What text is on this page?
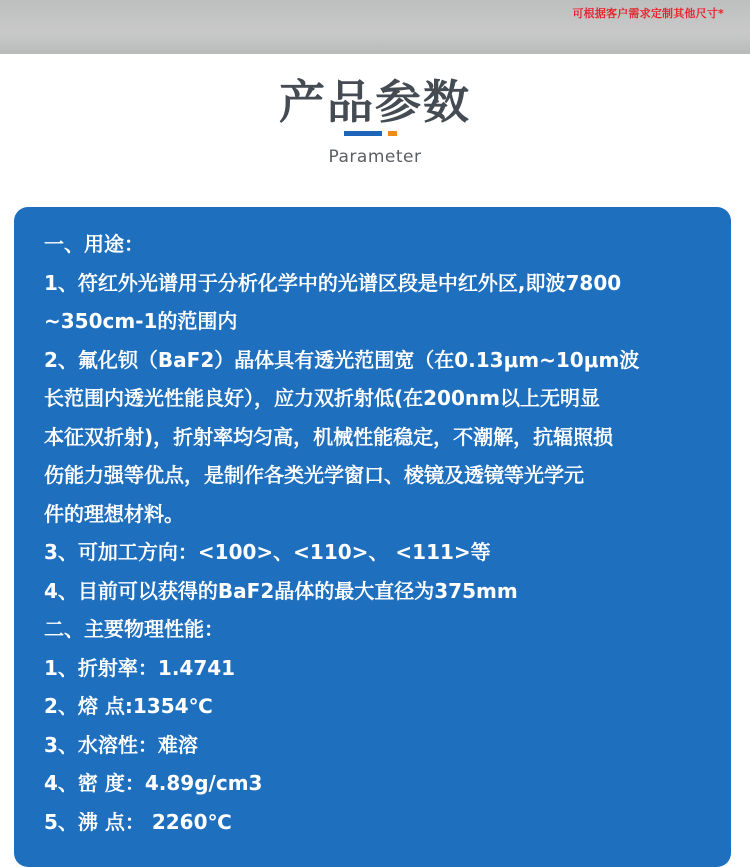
可根据客户需求定制其他尺寸*
产品参数
Parameter
一、用途：
1、符红外光谱用于分析化学中的光谱区段是中红外区,即波7800
~350cm-1的范围内
2、氟化钡（BaF2）晶体具有透光范围宽（在0.13μm~10μm波
长范围内透光性能良好），应力双折射低(在200nm以上无明显
本征双折射)，折射率均匀高，机械性能稳定，不潮解，抗辐照损
伤能力强等优点，是制作各类光学窗口、棱镜及透镜等光学元
件的理想材料。
3、可加工方向：<100>、<110>、 <111>等
4、目前可以获得的BaF2晶体的最大直径为375mm
二、主要物理性能：
1、折射率：1.4741
2、熔 点:1354℃
3、水溶性：难溶
4、密 度：4.89g/cm3
5、沸 点： 2260℃
